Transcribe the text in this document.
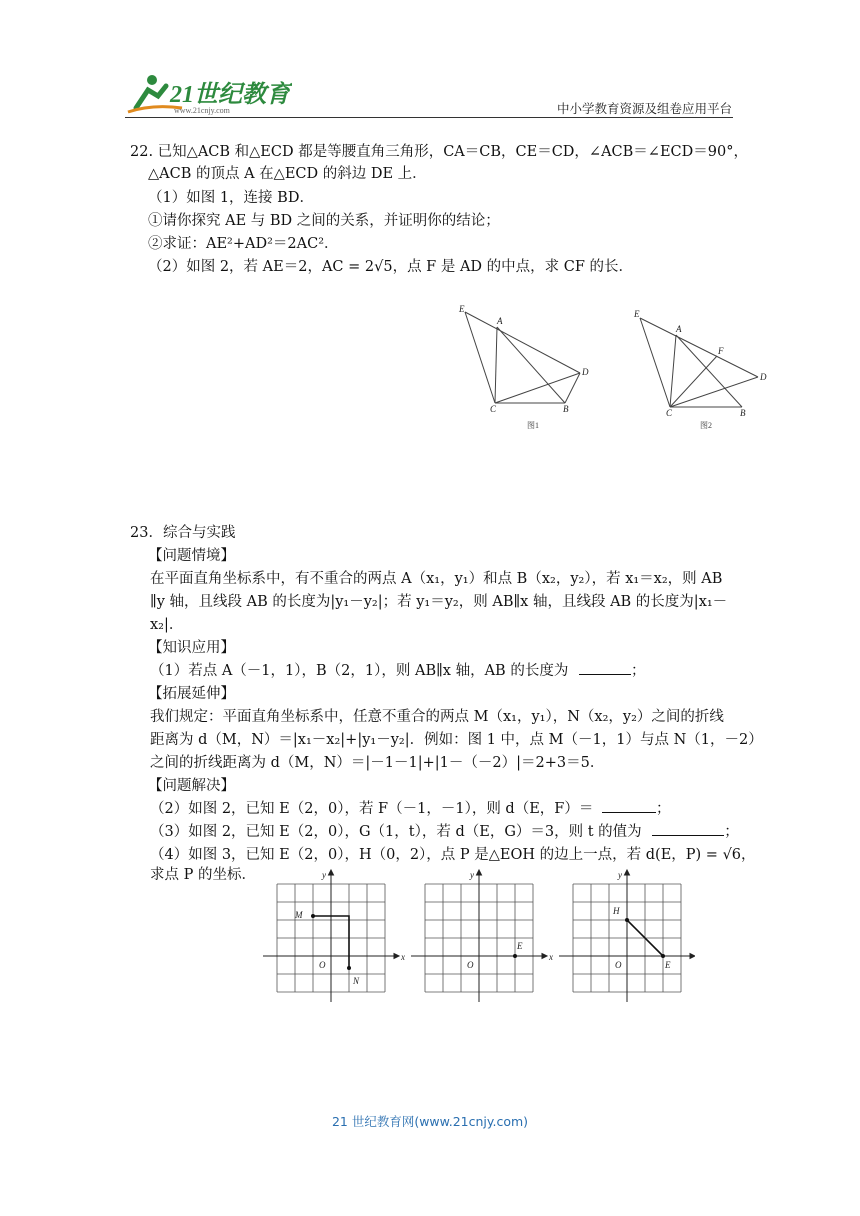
21世纪教育
www.21cnjy.com	中小学教育资源及组卷应用平台
22. 已知△ACB 和△ECD 都是等腰直角三角形，CA＝CB，CE＝CD，∠ACB＝∠ECD＝90°，
△ACB 的顶点 A 在△ECD 的斜边 DE 上．
（1）如图 1，连接 BD．
①请你探究 AE 与 BD 之间的关系，并证明你的结论；
②求证：AE²+AD²＝2AC²．
（2）如图 2，若 AE＝2，AC = 2√5，点 F 是 AD 的中点，求 CF 的长．
E
A
D
C	B
图1
E
A
F
D
C	B
图2
23．综合与实践
【问题情境】
在平面直角坐标系中，有不重合的两点 A（x₁，y₁）和点 B（x₂，y₂），若 x₁＝x₂，则 AB
∥y 轴，且线段 AB 的长度为|y₁－y₂|；若 y₁＝y₂，则 AB∥x 轴，且线段 AB 的长度为|x₁－
x₂|．
【知识应用】
（1）若点 A（－1，1），B（2，1），则 AB∥x 轴，AB 的长度为	；
【拓展延伸】
我们规定：平面直角坐标系中，任意不重合的两点 M（x₁，y₁），N（x₂，y₂）之间的折线
距离为 d（M，N）＝|x₁－x₂|+|y₁－y₂|．例如：图 1 中，点 M（－1，1）与点 N（1，－2）
之间的折线距离为 d（M，N）＝|－1－1|+|1－（－2）|＝2+3＝5．
【问题解决】
（2）如图 2，已知 E（2，0），若 F（－1，－1），则 d（E，F）＝	；
（3）如图 2，已知 E（2，0），G（1，t），若 d（E，G）＝3，则 t 的值为	；
（4）如图 3，已知 E（2，0），H（0，2），点 P 是△EOH 的边上一点，若 d(E，P) = √6，
求点 P 的坐标．
x
O
M
N
E
H
E
21 世纪教育网(www.21cnjy.com)
